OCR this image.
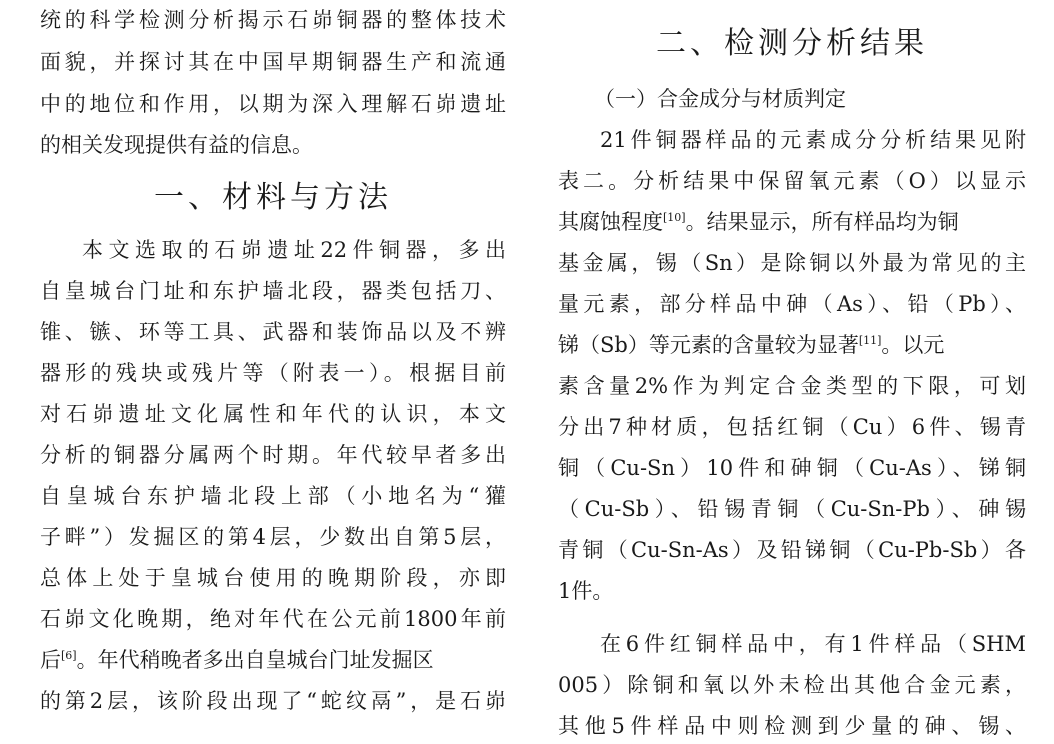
统的科学检测分析揭示石峁铜器的整体技术
面貌，并探讨其在中国早期铜器生产和流通
中的地位和作用，以期为深入理解石峁遗址
的相关发现提供有益的信息。
一、材料与方法
本文选取的石峁遗址22件铜器，多出
自皇城台门址和东护墙北段，器类包括刀、
锥、镞、环等工具、武器和装饰品以及不辨
器形的残块或残片等（附表一）。根据目前
对石峁遗址文化属性和年代的认识，本文
分析的铜器分属两个时期。年代较早者多出
自皇城台东护墙北段上部（小地名为“獾
子畔”）发掘区的第4层，少数出自第5层，
总体上处于皇城台使用的晚期阶段，亦即
石峁文化晚期，绝对年代在公元前1800年前
后[6]。年代稍晚者多出自皇城台门址发掘区
的第2层，该阶段出现了“蛇纹鬲”，是石峁
二、检测分析结果
（一）合金成分与材质判定
21件铜器样品的元素成分分析结果见附
表二。分析结果中保留氧元素（O）以显示
其腐蚀程度[10]。结果显示，所有样品均为铜
基金属，锡（Sn）是除铜以外最为常见的主
量元素，部分样品中砷（As）、铅（Pb）、
锑（Sb）等元素的含量较为显著[11]。以元
素含量2%作为判定合金类型的下限，可划
分出7种材质，包括红铜（Cu）6件、锡青
铜（Cu-Sn）10件和砷铜（Cu-As）、锑铜
（Cu-Sb）、铅锡青铜（Cu-Sn-Pb）、砷锡
青铜（Cu-Sn-As）及铅锑铜（Cu-Pb-Sb）各
1件。
在6件红铜样品中，有1件样品（SHM
005）除铜和氧以外未检出其他合金元素，
其他5件样品中则检测到少量的砷、锡、
